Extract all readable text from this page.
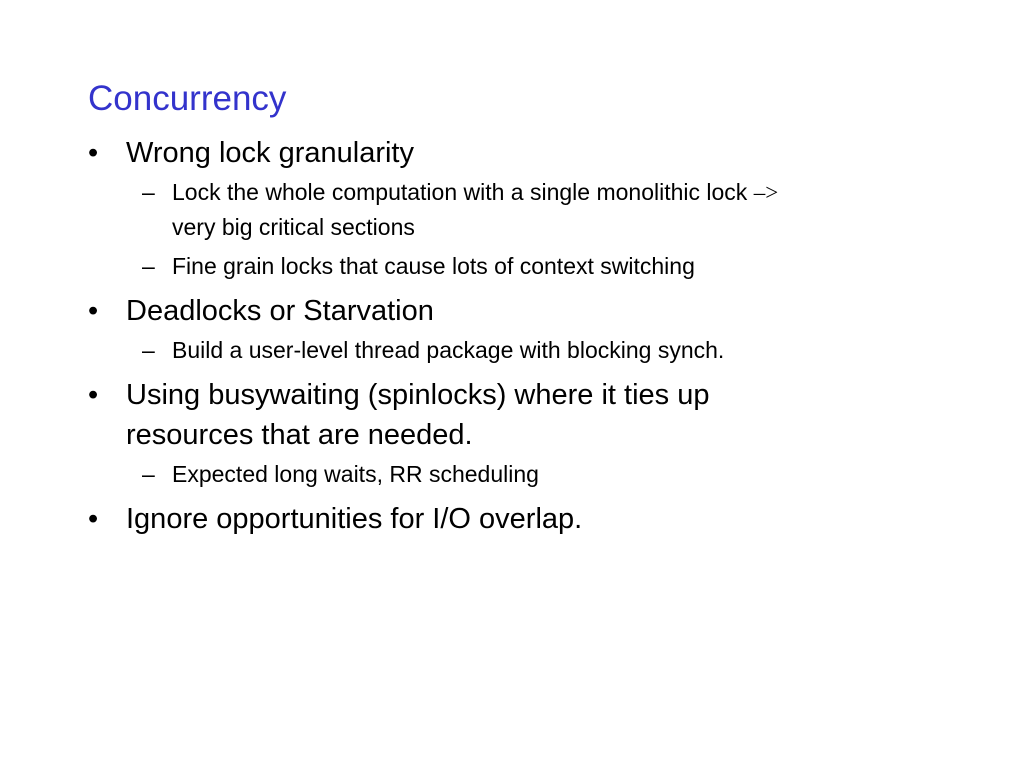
Concurrency
• Wrong lock granularity
– Lock the whole computation with a single monolithic lock –>
very big critical sections
– Fine grain locks that cause lots of context switching
• Deadlocks or Starvation
– Build a user-level thread package with blocking synch.
• Using busywaiting (spinlocks) where it ties up
resources that are needed.
– Expected long waits, RR scheduling
• Ignore opportunities for I/O overlap.
